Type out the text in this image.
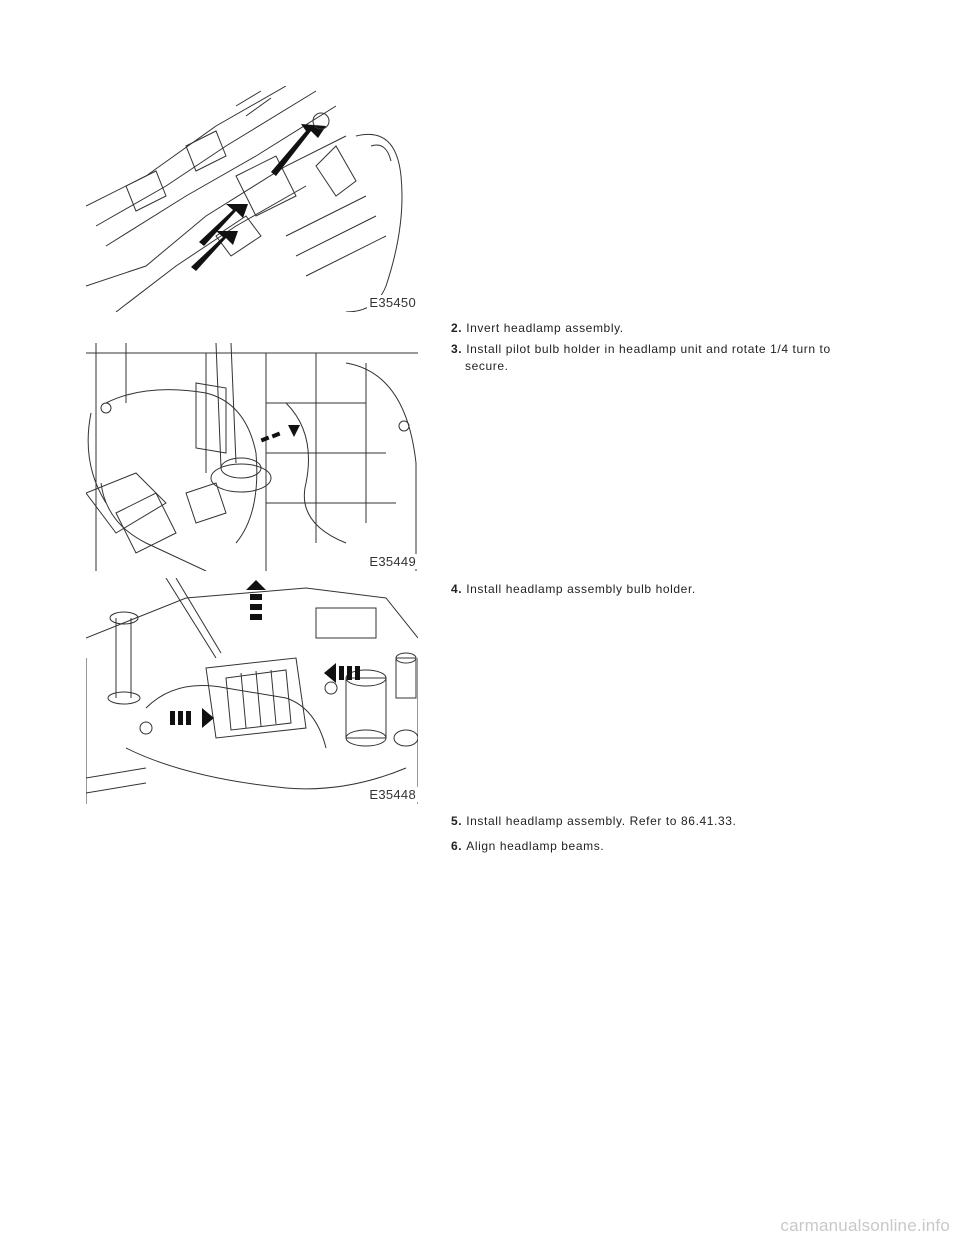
E35450
2. Invert headlamp assembly.
3. Install pilot bulb holder in headlamp unit and rotate 1/4 turn to
secure.
E35449
4. Install headlamp assembly bulb holder.
E35448
5. Install headlamp assembly. Refer to 86.41.33.
6. Align headlamp beams.
carmanualsonline.info
